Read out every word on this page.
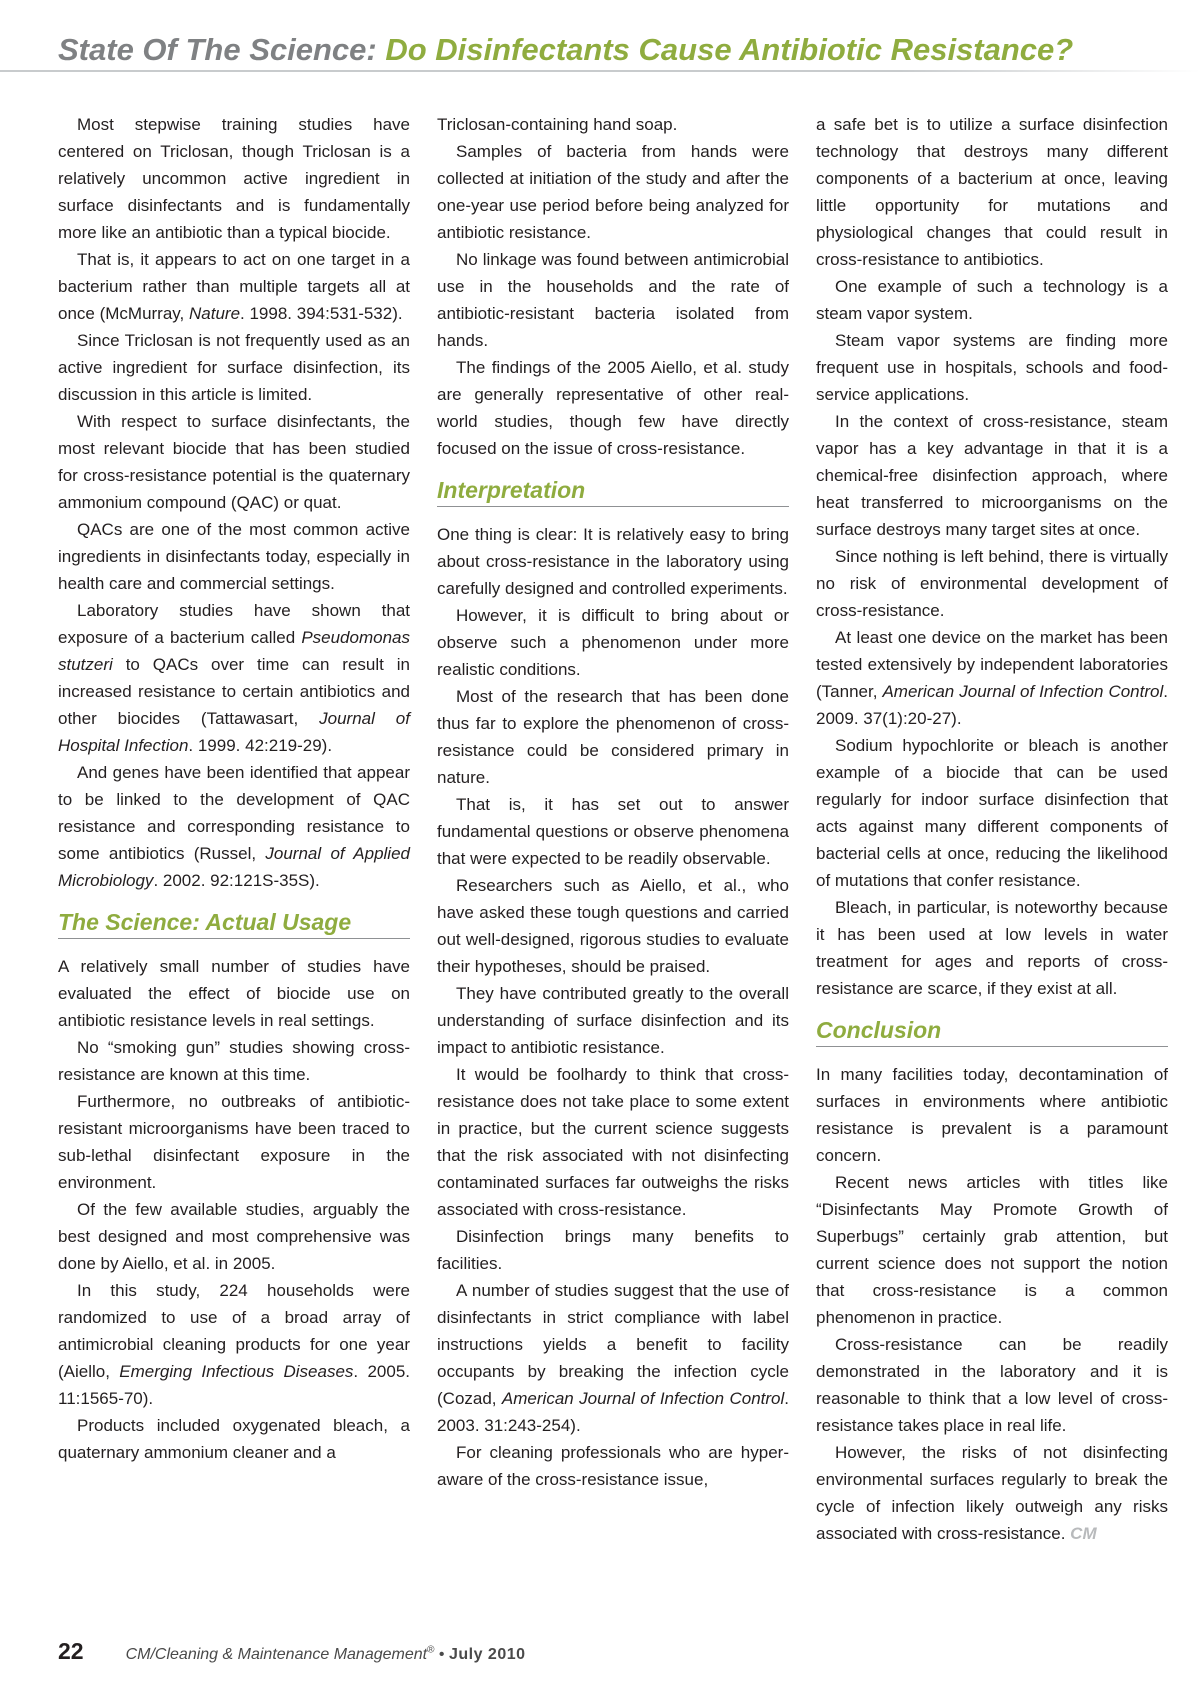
State Of The Science: Do Disinfectants Cause Antibiotic Resistance?

Most stepwise training studies have centered on Triclosan, though Triclosan is a relatively uncommon active ingredient in surface disinfectants and is fundamentally more like an antibiotic than a typical biocide.

That is, it appears to act on one target in a bacterium rather than multiple targets all at once (McMurray, Nature. 1998. 394:531-532).

Since Triclosan is not frequently used as an active ingredient for surface disinfection, its discussion in this article is limited.

With respect to surface disinfectants, the most relevant biocide that has been studied for cross-resistance potential is the quaternary ammonium compound (QAC) or quat.

QACs are one of the most common active ingredients in disinfectants today, especially in health care and commercial settings.

Laboratory studies have shown that exposure of a bacterium called Pseudomonas stutzeri to QACs over time can result in increased resistance to certain antibiotics and other biocides (Tattawasart, Journal of Hospital Infection. 1999. 42:219-29).

And genes have been identified that appear to be linked to the development of QAC resistance and corresponding resistance to some antibiotics (Russel, Journal of Applied Microbiology. 2002. 92:121S-35S).

The Science: Actual Usage

A relatively small number of studies have evaluated the effect of biocide use on antibiotic resistance levels in real settings.

No “smoking gun” studies showing cross-resistance are known at this time.

Furthermore, no outbreaks of antibiotic-resistant microorganisms have been traced to sub-lethal disinfectant exposure in the environment.

Of the few available studies, arguably the best designed and most comprehensive was done by Aiello, et al. in 2005.

In this study, 224 households were randomized to use of a broad array of antimicrobial cleaning products for one year (Aiello, Emerging Infectious Diseases. 2005. 11:1565-70).

Products included oxygenated bleach, a quaternary ammonium cleaner and a

Triclosan-containing hand soap.

Samples of bacteria from hands were collected at initiation of the study and after the one-year use period before being analyzed for antibiotic resistance.

No linkage was found between antimicrobial use in the households and the rate of antibiotic-resistant bacteria isolated from hands.

The findings of the 2005 Aiello, et al. study are generally representative of other real-world studies, though few have directly focused on the issue of cross-resistance.

Interpretation

One thing is clear: It is relatively easy to bring about cross-resistance in the laboratory using carefully designed and controlled experiments.

However, it is difficult to bring about or observe such a phenomenon under more realistic conditions.

Most of the research that has been done thus far to explore the phenomenon of cross-resistance could be considered primary in nature.

That is, it has set out to answer fundamental questions or observe phenomena that were expected to be readily observable.

Researchers such as Aiello, et al., who have asked these tough questions and carried out well-designed, rigorous studies to evaluate their hypotheses, should be praised.

They have contributed greatly to the overall understanding of surface disinfection and its impact to antibiotic resistance.

It would be foolhardy to think that cross-resistance does not take place to some extent in practice, but the current science suggests that the risk associated with not disinfecting contaminated surfaces far outweighs the risks associated with cross-resistance.

Disinfection brings many benefits to facilities.

A number of studies suggest that the use of disinfectants in strict compliance with label instructions yields a benefit to facility occupants by breaking the infection cycle (Cozad, American Journal of Infection Control. 2003. 31:243-254).

For cleaning professionals who are hyper-aware of the cross-resistance issue,

a safe bet is to utilize a surface disinfection technology that destroys many different components of a bacterium at once, leaving little opportunity for mutations and physiological changes that could result in cross-resistance to antibiotics.

One example of such a technology is a steam vapor system.

Steam vapor systems are finding more frequent use in hospitals, schools and food-service applications.

In the context of cross-resistance, steam vapor has a key advantage in that it is a chemical-free disinfection approach, where heat transferred to microorganisms on the surface destroys many target sites at once.

Since nothing is left behind, there is virtually no risk of environmental development of cross-resistance.

At least one device on the market has been tested extensively by independent laboratories (Tanner, American Journal of Infection Control. 2009. 37(1):20-27).

Sodium hypochlorite or bleach is another example of a biocide that can be used regularly for indoor surface disinfection that acts against many different components of bacterial cells at once, reducing the likelihood of mutations that confer resistance.

Bleach, in particular, is noteworthy because it has been used at low levels in water treatment for ages and reports of cross-resistance are scarce, if they exist at all.

Conclusion

In many facilities today, decontamination of surfaces in environments where antibiotic resistance is prevalent is a paramount concern.

Recent news articles with titles like “Disinfectants May Promote Growth of Superbugs” certainly grab attention, but current science does not support the notion that cross-resistance is a common phenomenon in practice.

Cross-resistance can be readily demonstrated in the laboratory and it is reasonable to think that a low level of cross-resistance takes place in real life.

However, the risks of not disinfecting environmental surfaces regularly to break the cycle of infection likely outweigh any risks associated with cross-resistance. CM

22	CM/Cleaning & Maintenance Management® • July 2010
